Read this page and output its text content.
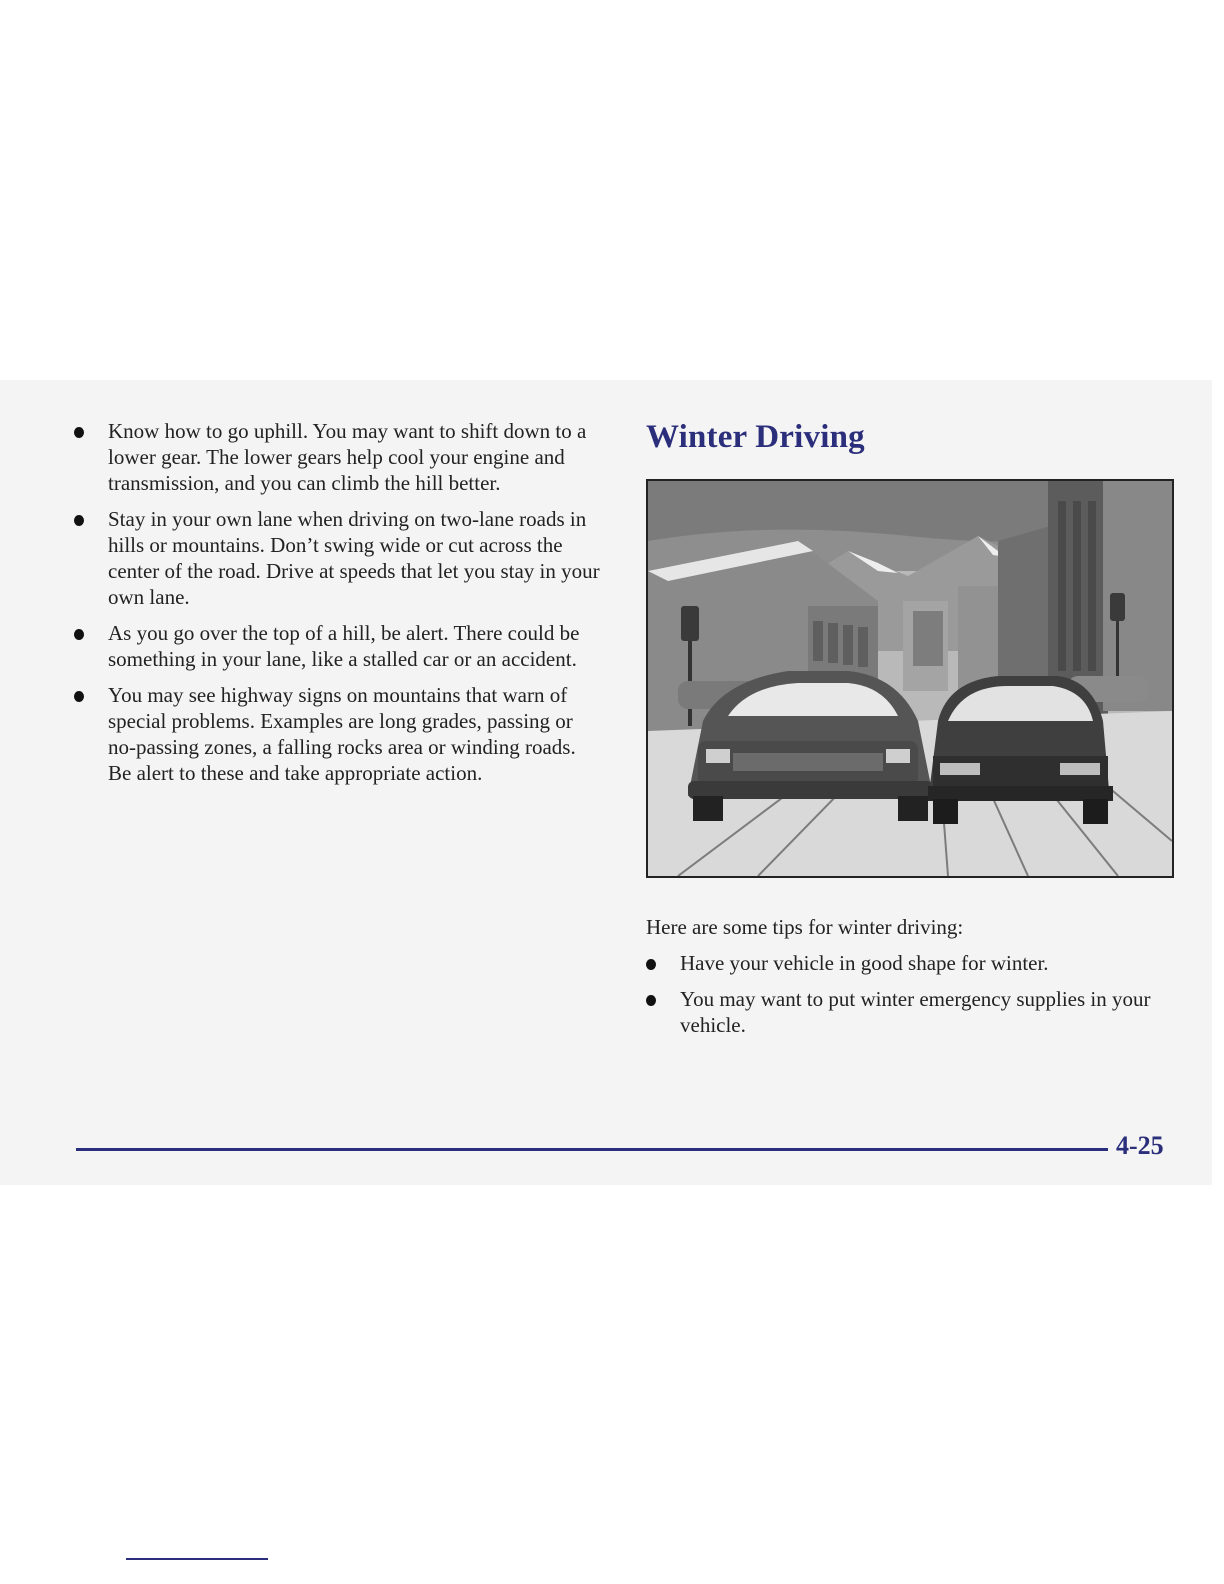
Know how to go uphill. You may want to shift down to a lower gear. The lower gears help cool your engine and transmission, and you can climb the hill better.
Stay in your own lane when driving on two-lane roads in hills or mountains. Don’t swing wide or cut across the center of the road. Drive at speeds that let you stay in your own lane.
As you go over the top of a hill, be alert. There could be something in your lane, like a stalled car or an accident.
You may see highway signs on mountains that warn of special problems. Examples are long grades, passing or no-passing zones, a falling rocks area or winding roads. Be alert to these and take appropriate action.
Winter Driving

Here are some tips for winter driving:

Have your vehicle in good shape for winter.
You may want to put winter emergency supplies in your vehicle.
4-25
